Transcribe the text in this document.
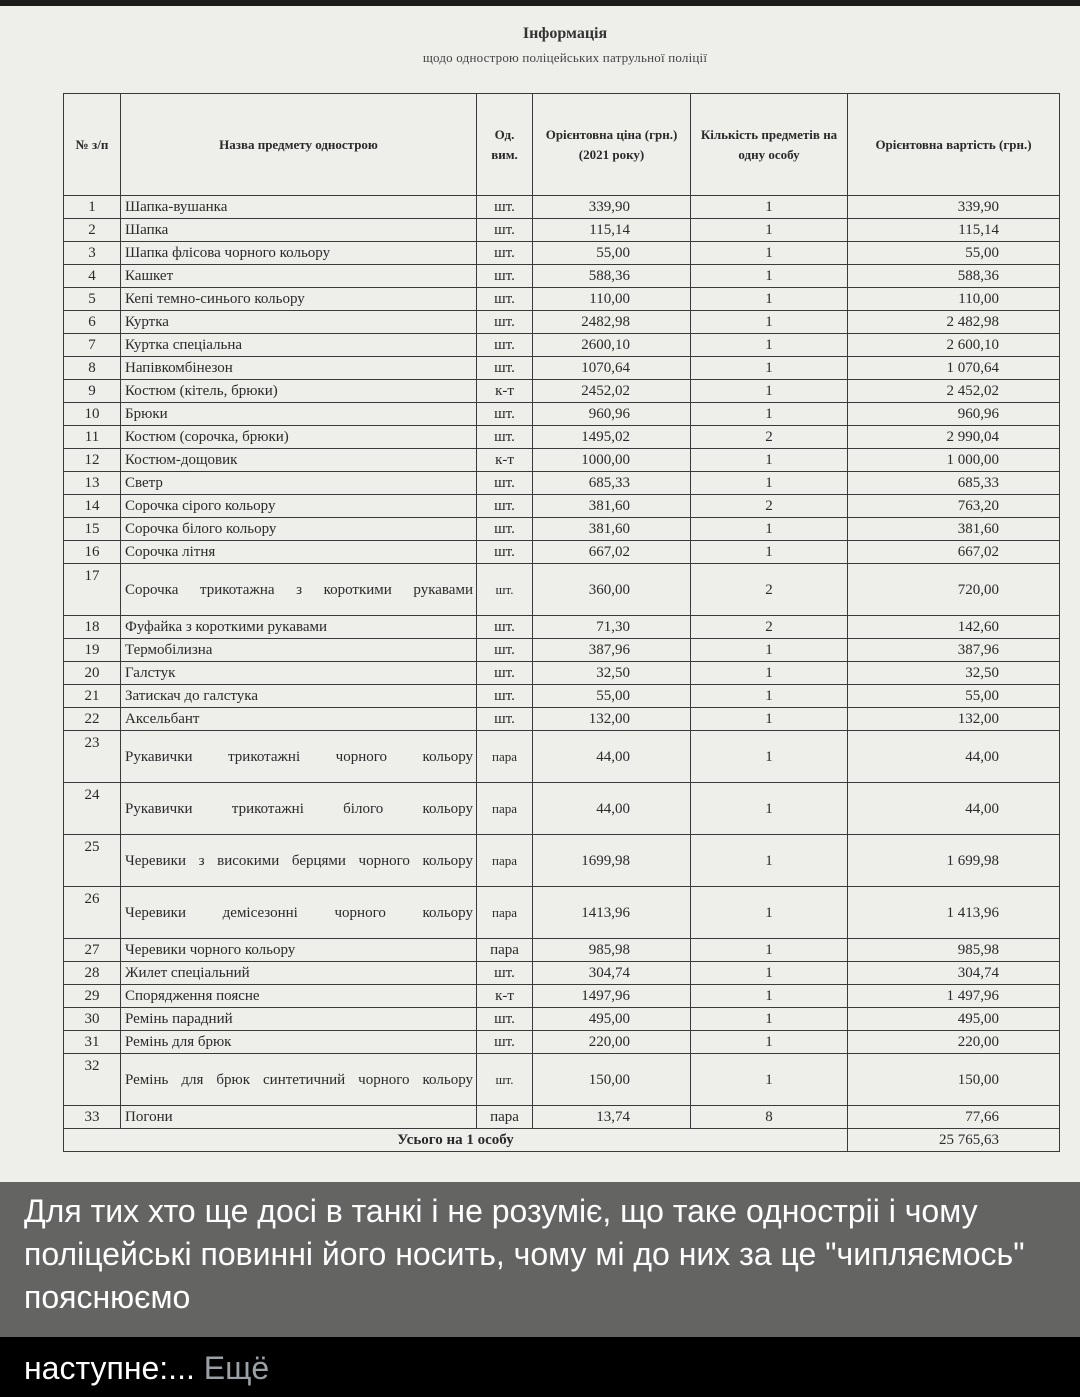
Інформація
щодо однострою поліцейських патрульної поліції
№ з/п	Назва предмету однострою	Од. вим.	Орієнтовна ціна (грн.) (2021 року)	Кількість предметів на одну особу	Орієнтовна вартість (грн.)
1	Шапка-вушанка	шт.	339,90	1	339,90
2	Шапка	шт.	115,14	1	115,14
3	Шапка флісова чорного кольору	шт.	55,00	1	55,00
4	Кашкет	шт.	588,36	1	588,36
5	Кепі темно-синього кольору	шт.	110,00	1	110,00
6	Куртка	шт.	2482,98	1	2 482,98
7	Куртка спеціальна	шт.	2600,10	1	2 600,10
8	Напівкомбінезон	шт.	1070,64	1	1 070,64
9	Костюм (кітель, брюки)	к-т	2452,02	1	2 452,02
10	Брюки	шт.	960,96	1	960,96
11	Костюм (сорочка, брюки)	шт.	1495,02	2	2 990,04
12	Костюм-дощовик	к-т	1000,00	1	1 000,00
13	Светр	шт.	685,33	1	685,33
14	Сорочка сірого кольору	шт.	381,60	2	763,20
15	Сорочка білого кольору	шт.	381,60	1	381,60
16	Сорочка літня	шт.	667,02	1	667,02
17	Сорочка трикотажна з короткими рукавами	шт.	360,00	2	720,00
18	Фуфайка з короткими рукавами	шт.	71,30	2	142,60
19	Термобілизна	шт.	387,96	1	387,96
20	Галстук	шт.	32,50	1	32,50
21	Затискач до галстука	шт.	55,00	1	55,00
22	Аксельбант	шт.	132,00	1	132,00
23	Рукавички трикотажні чорного кольору	пара	44,00	1	44,00
24	Рукавички трикотажні білого кольору	пара	44,00	1	44,00
25	Черевики з високими берцями чорного кольору	пара	1699,98	1	1 699,98
26	Черевики демісезонні чорного кольору	пара	1413,96	1	1 413,96
27	Черевики чорного кольору	пара	985,98	1	985,98
28	Жилет спеціальний	шт.	304,74	1	304,74
29	Спорядження поясне	к-т	1497,96	1	1 497,96
30	Ремінь парадний	шт.	495,00	1	495,00
31	Ремінь для брюк	шт.	220,00	1	220,00
32	Ремінь для брюк синтетичний чорного кольору	шт.	150,00	1	150,00
33	Погони	пара	13,74	8	77,66
Усього на 1 особу					25 765,63
Для тих хто ще досі в танкі і не розуміє, що таке одностріі і чому поліцейські повинні його носить, чому мі до них за це "чипляємось" пояснюємо
наступне:... Ещё
